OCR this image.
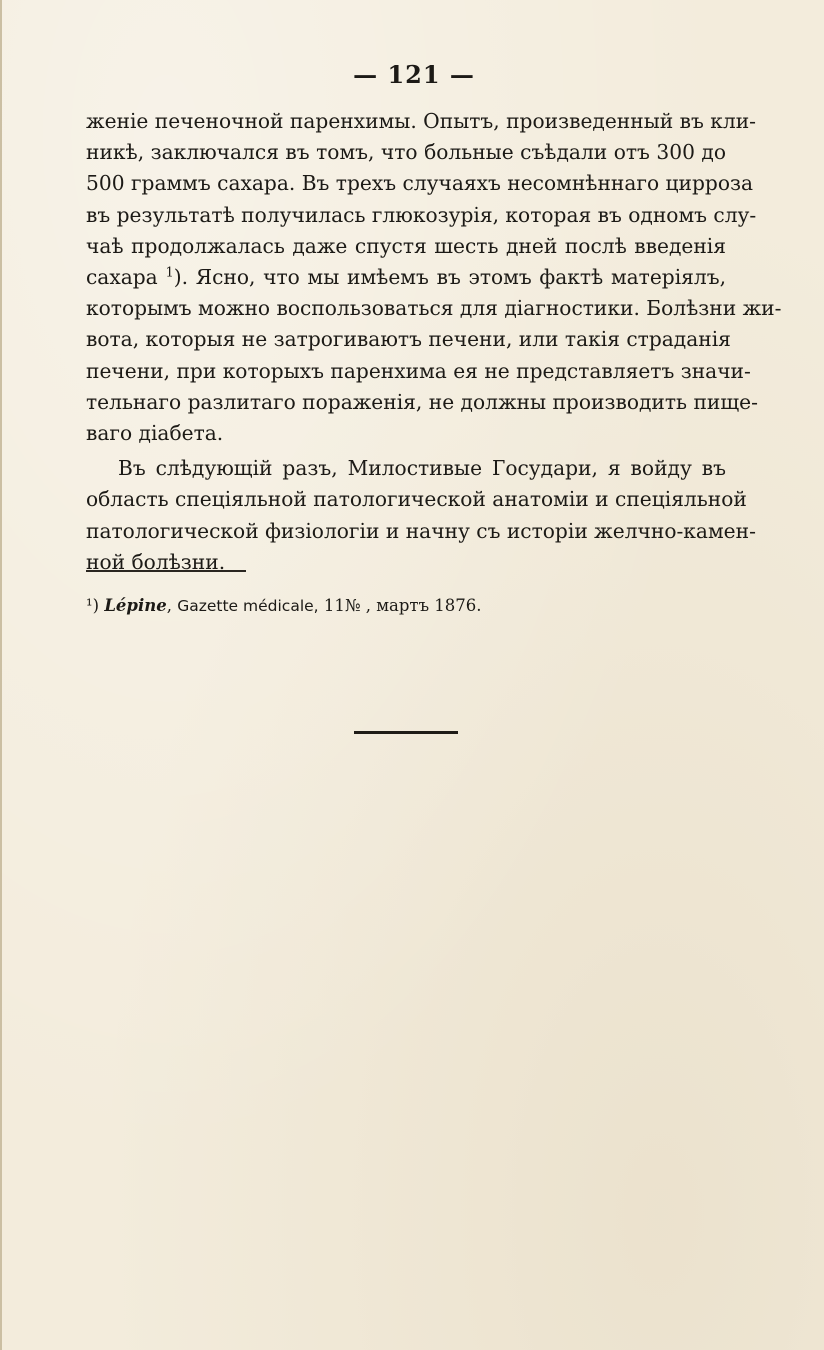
— 121 —
женiе печеночной паренхимы. Опытъ, произведенный въ кли-
никѣ, заключался въ томъ, что больные съѣдали отъ 300 до
500 граммъ сахара. Въ трехъ случаяхъ несомнѣннаго цирроза
въ результатѣ получилась глюкозурiя, которая въ одномъ слу-
чаѣ продолжалась даже спустя шесть дней послѣ введенiя
сахара $^1$). Ясно, что мы имѣемъ въ этомъ фактѣ матерiялъ,
которымъ можно воспользоваться для дiагностики. Болѣзни жи-
вота, которыя не затрогиваютъ печени, или такiя страданiя
печени, при которыхъ паренхима ея не представляетъ значи-
тельнаго разлитаго пораженiя, не должны производить пище-
ваго дiабета.
Въ слѣдующiй разъ, Милостивые Государи, я войду въ
область спецiяльной патологической анатомiи и спецiяльной
патологической физiологiи и начну съ исторiи желчно-камен-
ной болѣзни.
¹) Lépine, Gazette médicale, 11№ , мартъ 1876.
